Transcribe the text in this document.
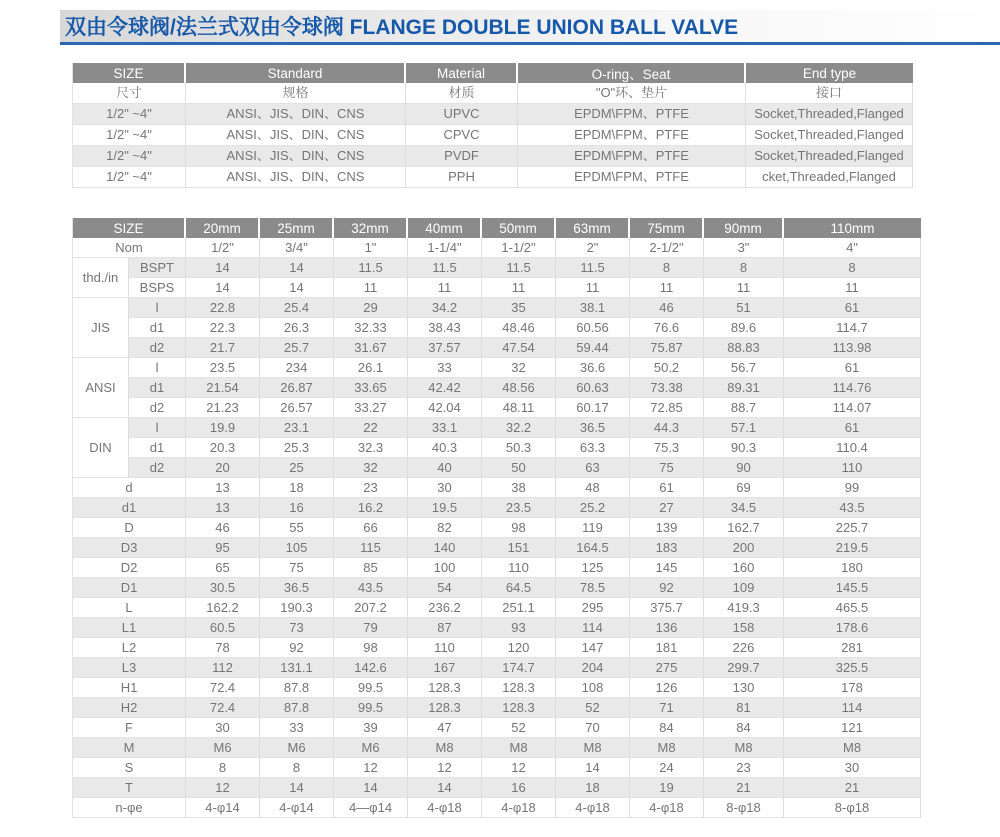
双由令球阀/法兰式双由令球阀 FLANGE DOUBLE UNION BALL VALVE
SIZE	Standard	Material	O-ring、Seat	End type
尺寸	规格	材质	"O"环、垫片	接口
1/2" ~4"	ANSI、JIS、DIN、CNS	UPVC	EPDM\FPM、PTFE	Socket,Threaded,Flanged
1/2" ~4"	ANSI、JIS、DIN、CNS	CPVC	EPDM\FPM、PTFE	Socket,Threaded,Flanged
1/2" ~4"	ANSI、JIS、DIN、CNS	PVDF	EPDM\FPM、PTFE	Socket,Threaded,Flanged
1/2" ~4"	ANSI、JIS、DIN、CNS	PPH	EPDM\FPM、PTFE	cket,Threaded,Flanged
SIZE		20mm	25mm	32mm	40mm	50mm	63mm	75mm	90mm	110mm
Nom		1/2"	3/4"	1"	1-1/4"	1-1/2"	2"	2-1/2"	3"	4"
thd./in	BSPT	14	14	11.5	11.5	11.5	11.5	8	8	8
	BSPS	14	14	11	11	11	11	11	11	11
JIS	l	22.8	25.4	29	34.2	35	38.1	46	51	61
	d1	22.3	26.3	32.33	38.43	48.46	60.56	76.6	89.6	114.7
	d2	21.7	25.7	31.67	37.57	47.54	59.44	75.87	88.83	113.98
ANSI	l	23.5	234	26.1	33	32	36.6	50.2	56.7	61
	d1	21.54	26.87	33.65	42.42	48.56	60.63	73.38	89.31	114.76
	d2	21.23	26.57	33.27	42.04	48.11	60.17	72.85	88.7	114.07
DIN	l	19.9	23.1	22	33.1	32.2	36.5	44.3	57.1	61
	d1	20.3	25.3	32.3	40.3	50.3	63.3	75.3	90.3	110.4
	d2	20	25	32	40	50	63	75	90	110
d		13	18	23	30	38	48	61	69	99
d1		13	16	16.2	19.5	23.5	25.2	27	34.5	43.5
D		46	55	66	82	98	119	139	162.7	225.7
D3		95	105	115	140	151	164.5	183	200	219.5
D2		65	75	85	100	110	125	145	160	180
D1		30.5	36.5	43.5	54	64.5	78.5	92	109	145.5
L		162.2	190.3	207.2	236.2	251.1	295	375.7	419.3	465.5
L1		60.5	73	79	87	93	114	136	158	178.6
L2		78	92	98	110	120	147	181	226	281
L3		112	131.1	142.6	167	174.7	204	275	299.7	325.5
H1		72.4	87.8	99.5	128.3	128.3	108	126	130	178
H2		72.4	87.8	99.5	128.3	128.3	52	71	81	114
F		30	33	39	47	52	70	84	84	121
M		M6	M6	M6	M8	M8	M8	M8	M8	M8
S		8	8	12	12	12	14	24	23	30
T		12	14	14	14	16	18	19	21	21
n-φe		4-φ14	4-φ14	4—φ14	4-φ18	4-φ18	4-φ18	4-φ18	8-φ18	8-φ18
